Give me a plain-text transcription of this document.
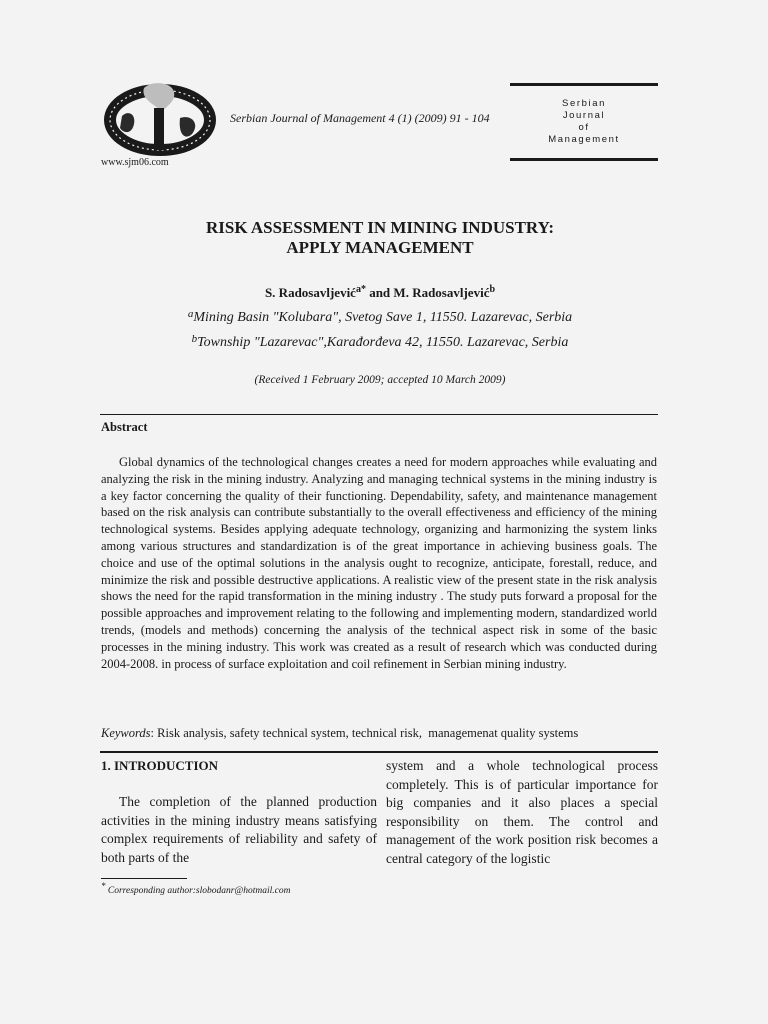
www.sjm06.com
Serbian Journal of Management 4 (1) (2009) 91 - 104
Serbian
Journal
of
Management
RISK ASSESSMENT IN MINING INDUSTRY:
APPLY MANAGEMENT
S. Radosavljević$^{a*}$ and M. Radosavljević$^b$
$^a$Mining Basin "Kolubara", Svetog Save 1, 11550. Lazarevac, Serbia
$^b$Township "Lazarevac",Karađorđeva 42, 11550. Lazarevac, Serbia
(Received 1 February 2009; accepted 10 March 2009)
Abstract
Global dynamics of the technological changes creates a need for modern approaches while evaluating and analyzing the risk in the mining industry. Analyzing and managing technical systems in the mining industry is a key factor concerning the quality of their functioning. Dependability, safety, and maintenance management based on the risk analysis can contribute substantially to the overall effectiveness and efficiency of the mining technological systems. Besides applying adequate technology, organizing and harmonizing the system links among various structures and standardization is of the great importance in achieving business goals. The choice and use of the optimal solutions in the analysis ought to recognize, anticipate, forestall, reduce, and minimize the risk and possible destructive applications. A realistic view of the present state in the risk analysis shows the need for the rapid transformation in the mining industry . The study puts forward a proposal for the possible approaches and improvement relating to the following and implementing modern, standardized world trends, (models and methods) concerning the analysis of the technical aspect risk in some of the basic processes in the mining industry. This work was created as a result of research which was conducted during 2004-2008. in process of surface exploitation and coil refinement in Serbian mining industry.
Keywords: Risk analysis, safety technical system, technical risk,  managemenat quality systems
1. INTRODUCTION

The completion of the planned production activities in the mining industry means satisfying complex requirements of reliability and safety of both parts of the

system and a whole technological process completely. This is of particular importance for big companies and it also places a special responsibility on them. The control and management of the work position risk becomes a central category of the logistic

* Corresponding author:slobodanr@hotmail.com
